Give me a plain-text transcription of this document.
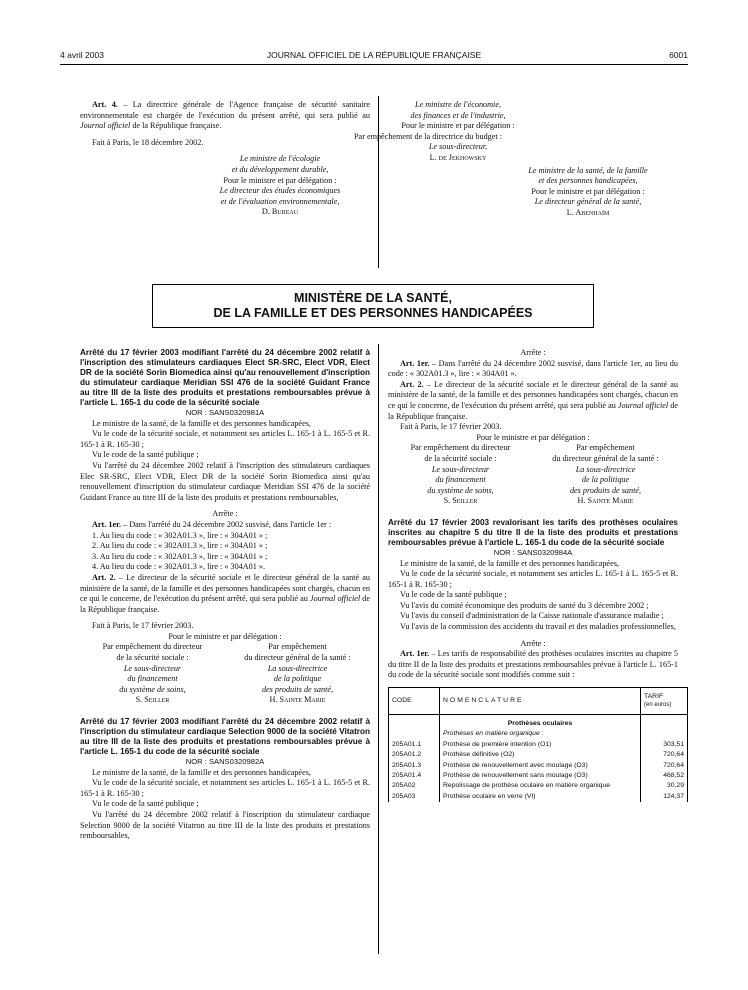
4 avril 2003	JOURNAL OFFICIEL DE LA RÉPUBLIQUE FRANÇAISE	6001

Art. 4. – La directrice générale de l'Agence française de sécurité sanitaire environnementale est chargée de l'exécution du présent arrêté, qui sera publié au Journal officiel de la République française.

Fait à Paris, le 18 décembre 2002.

Le ministre de l'écologie

et du développement durable,

Pour le ministre et par délégation :

Le directeur des études économiques

et de l'évaluation environnementale,

D. Bureau

Le ministre de l'économie,

des finances et de l'industrie,

Pour le ministre et par délégation :

Par empêchement de la directrice du budget :

Le sous-directeur,

L. de Jekhowsky

Le ministre de la santé, de la famille

et des personnes handicapées,

Pour le ministre et par délégation :

Le directeur général de la santé,

L. Abenhaïm

MINISTÈRE DE LA SANTÉ,
DE LA FAMILLE ET DES PERSONNES HANDICAPÉES

Arrêté du 17 février 2003 modifiant l'arrêté du 24 décembre 2002 relatif à l'inscription des stimulateurs cardiaques Elect SR-SRC, Elect VDR, Elect DR de la société Sorin Biomedica ainsi qu'au renouvellement d'inscription du stimulateur cardiaque Meridian SSI 476 de la société Guidant France au titre III de la liste des produits et prestations remboursables prévue à l'article L. 165-1 du code de la sécurité sociale

NOR : SANS0320981A

Le ministre de la santé, de la famille et des personnes handicapées,

Vu le code de la sécurité sociale, et notamment ses articles L. 165-1 à L. 165-5 et R. 165-1 à R. 165-30 ;

Vu le code de la santé publique ;

Vu l'arrêté du 24 décembre 2002 relatif à l'inscription des stimulateurs cardiaques Elec SR-SRC, Elect VDR, Elect DR de la société Sorin Biomedica ainsi qu'au renouvellement d'inscription du stimulateur cardiaque Meridian SSI 476 de la société Guidant France au titre III de la liste des produits et prestations remboursables,

Arrête :

Art. 1er. – Dans l'arrêté du 24 décembre 2002 susvisé, dans l'article 1er :

1. Au lieu du code : « 302A01.3 », lire : « 304A01 » ;

2. Au lieu du code : « 302A01.3 », lire : « 304A01 » ;

3. Au lieu du code : « 302A01.3 », lire : « 304A01 » ;

4. Au lieu du code : « 302A01.3 », lire : « 304A01 ».

Art. 2. – Le directeur de la sécurité sociale et le directeur général de la santé au ministère de la santé, de la famille et des personnes handicapées sont chargés, chacun en ce qui le concerne, de l'exécution du présent arrêté, qui sera publié au Journal officiel de la République française.

Fait à Paris, le 17 février 2003.

Pour le ministre et par délégation :

Par empêchement du directeur

de la sécurité sociale :

Le sous-directeur

du financement

du système de soins,

S. Seiller

Par empêchement

du directeur général de la santé :

La sous-directrice

de la politique

des produits de santé,

H. Sainte Marie

Arrêté du 17 février 2003 modifiant l'arrêté du 24 décembre 2002 relatif à l'inscription du stimulateur cardiaque Selection 9000 de la société Vitatron au titre III de la liste des produits et prestations remboursables prévue à l'article L. 165-1 du code de la sécurité sociale

NOR : SANS0320982A

Le ministre de la santé, de la famille et des personnes handicapées,

Vu le code de la sécurité sociale, et notamment ses articles L. 165-1 à L. 165-5 et R. 165-1 à R. 165-30 ;

Vu le code de la santé publique ;

Vu l'arrêté du 24 décembre 2002 relatif à l'inscription du stimulateur cardiaque Selection 9000 de la société Vitatron au titre III de la liste des produits et prestations remboursables,

Arrête :

Art. 1er. – Dans l'arrêté du 24 décembre 2002 susvisé, dans l'article 1er, au lieu du code : « 302A01.3 », lire : « 304A01 ».

Art. 2. – Le directeur de la sécurité sociale et le directeur général de la santé au ministère de la santé, de la famille et des personnes handicapées sont chargés, chacun en ce qui le concerne, de l'exécution du présent arrêté, qui sera publié au Journal officiel de la République française.

Fait à Paris, le 17 février 2003.

Pour le ministre et par délégation :

Par empêchement du directeur

de la sécurité sociale :

Le sous-directeur

du financement

du système de soins,

S. Seiller

Par empêchement

du directeur général de la santé :

La sous-directrice

de la politique

des produits de santé,

H. Sainte Marie

Arrêté du 17 février 2003 revalorisant les tarifs des prothèses oculaires inscrites au chapitre 5 du titre II de la liste des produits et prestations remboursables prévue à l'article L. 165-1 du code de la sécurité sociale

NOR : SANS0320984A

Le ministre de la santé, de la famille et des personnes handicapées,

Vu le code de la sécurité sociale, et notamment ses articles L. 165-1 à L. 165-5 et R. 165-1 à R. 165-30 ;

Vu le code de la santé publique ;

Vu l'avis du comité économique des produits de santé du 3 décembre 2002 ;

Vu l'avis du conseil d'administration de la Caisse nationale d'assurance maladie ;

Vu l'avis de la commission des accidents du travail et des maladies professionnelles,

Arrête :

Art. 1er. – Les tarifs de responsabilité des prothèses oculaires inscrites au chapitre 5 du titre II de la liste des produits et prestations remboursables prévue à l'article L. 165-1 du code de la sécurité sociale sont modifiés comme suit :

CODE	NOMENCLATURE	TARIF
(en euros)

	Prothèses oculaires
Prothèses en matière organique :	

205A01.1	Prothèse de première intention (O1)	303,51
205A01.2	Prothèse définitive (O2)	720,64
205A01.3	Prothèse de renouvellement avec moulage (O3)	720,64
205A01.4	Prothèse de renouvellement sans moulage (O3)	468,52
205A02	Repolissage de prothèse oculaire en matière organique	30,29
205A03	Prothèse oculaire en verre (VI)	124,37
